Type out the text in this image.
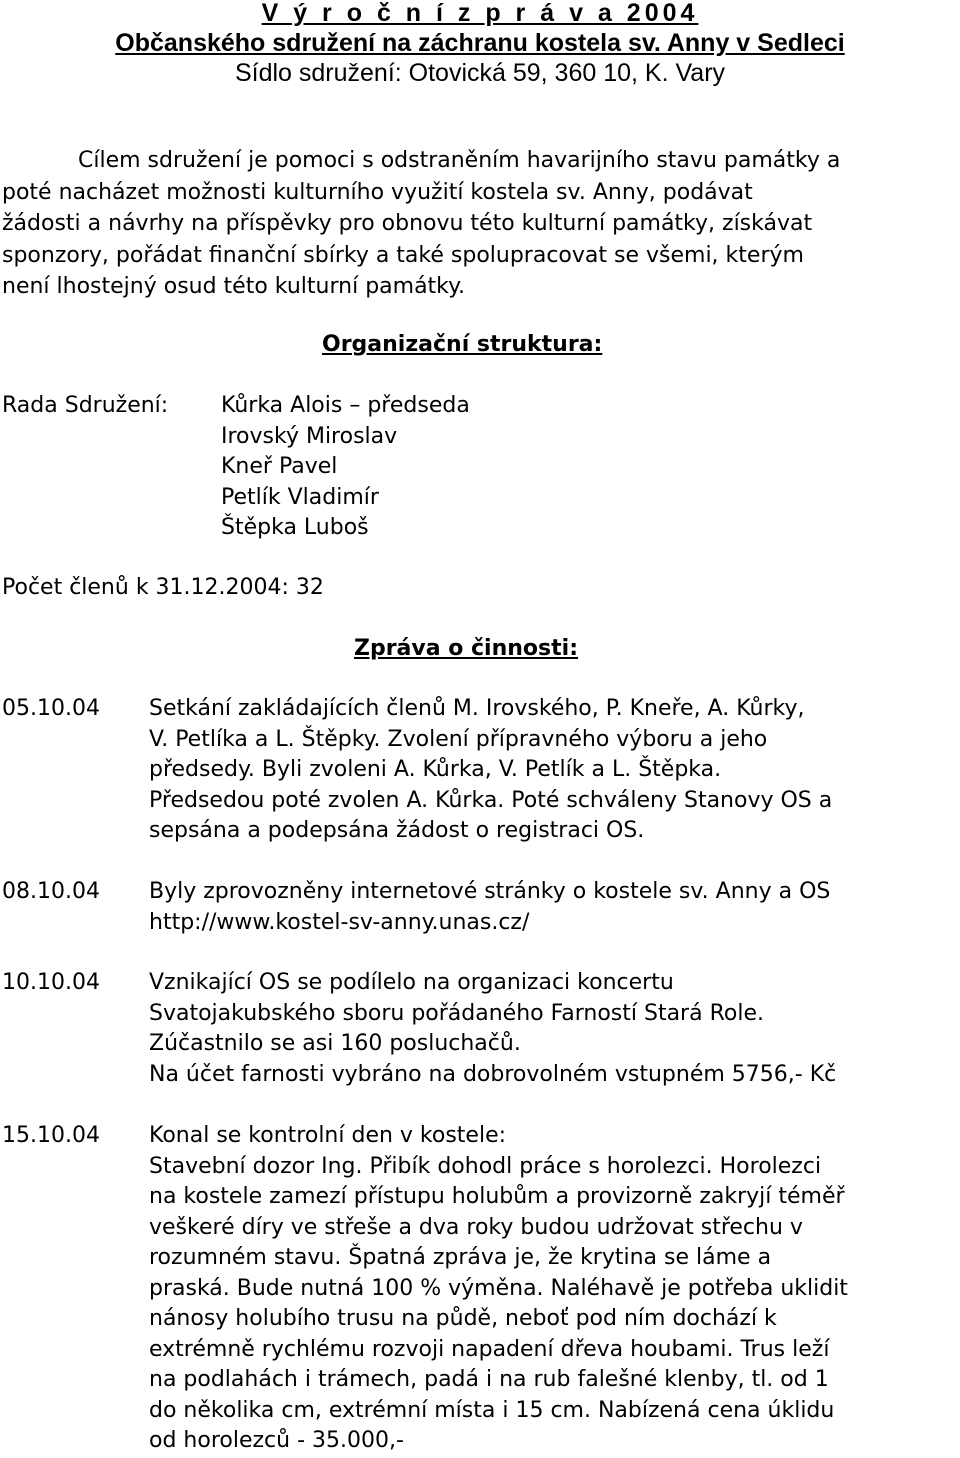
V ý r o č n í z p r á v a 2004
Občanského sdružení na záchranu kostela sv. Anny v Sedleci
Sídlo sdružení: Otovická 59, 360 10, K. Vary
Cílem sdružení je pomoci s odstraněním havarijního stavu památky a
poté nacházet možnosti kulturního využití kostela sv. Anny, podávat
žádosti a návrhy na příspěvky pro obnovu této kulturní památky, získávat
sponzory, pořádat finanční sbírky a také spolupracovat se všemi, kterým
není lhostejný osud této kulturní památky.
Organizační struktura:
Rada Sdružení: Kůrka Alois – předseda
Irovský Miroslav
Kneř Pavel
Petlík Vladimír
Štěpka Luboš
Počet členů k 31.12.2004: 32
Zpráva o činnosti:
05.10.04	Setkání zakládajících členů M. Irovského, P. Kneře, A. Kůrky,
V. Petlíka a L. Štěpky. Zvolení přípravného výboru a jeho
předsedy. Byli zvoleni A. Kůrka, V. Petlík a L. Štěpka.
Předsedou poté zvolen A. Kůrka. Poté schváleny Stanovy OS a
sepsána a podepsána žádost o registraci OS.
08.10.04	Byly zprovozněny internetové stránky o kostele sv. Anny a OS
http://www.kostel-sv-anny.unas.cz/
10.10.04	Vznikající OS se podílelo na organizaci koncertu
Svatojakubského sboru pořádaného Farností Stará Role.
Zúčastnilo se asi 160 posluchačů.
Na účet farnosti vybráno na dobrovolném vstupném 5756,- Kč
15.10.04	Konal se kontrolní den v kostele:
Stavební dozor Ing. Přibík dohodl práce s horolezci. Horolezci
na kostele zamezí přístupu holubům a provizorně zakryjí téměř
veškeré díry ve střeše a dva roky budou udržovat střechu v
rozumném stavu. Špatná zpráva je, že krytina se láme a
praská. Bude nutná 100 % výměna. Naléhavě je potřeba uklidit
nánosy holubího trusu na půdě, neboť pod ním dochází k
extrémně rychlému rozvoji napadení dřeva houbami. Trus leží
na podlahách i trámech, padá i na rub falešné klenby, tl. od 1
do několika cm, extrémní místa i 15 cm. Nabízená cena úklidu
od horolezců - 35.000,-
